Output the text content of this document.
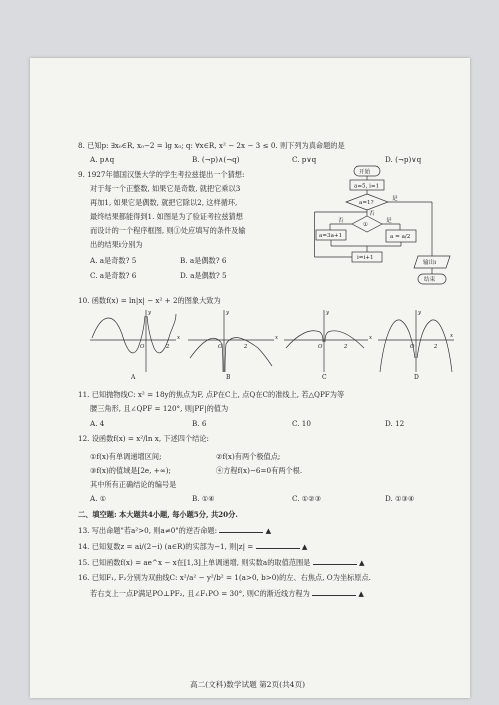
8. 已知p: ∃x₀∈R, x₀−2 = lg x₀; q: ∀x∈R, x² − 2x − 3 ≤ 0. 则下列为真命题的是
A. p∧q	B. (¬p)∧(¬q)	C. p∨q	D. (¬p)∨q
9. 1927年德国汉堡大学的学生考拉兹提出一个猜想:
对于每一个正整数, 如果它是奇数, 就把它乘以3
再加1, 如果它是偶数, 就把它除以2, 这样循环,
最终结果都能得到1. 如图是为了验证考拉兹猜想
而设计的一个程序框图, 则①处应填写的条件及输
出的结果i分别为
A. a是奇数? 5	B. a是偶数? 6
C. a是奇数? 6	D. a是偶数? 5
开始
a=5, i=1
a=1?
是
①
否	是
否
a=3a+1	a = a/2
i=i+1
输出i
结束
10. 函数f(x) = ln|x| − x² + 2的图象大致为
x
y
O	2
x
y
O	2
x
y
O	2
x
y
O	2
A	B	C	D
11. 已知抛物线C: x² = 18y的焦点为F, 点P在C上, 点Q在C的准线上, 若△QPF为等
腰三角形, 且∠QPF = 120°, 则|PF|的值为
A. 4	B. 6	C. 10	D. 12
12. 设函数f(x) = x²/ln x, 下述四个结论:
①f(x)有单调递增区间;	②f(x)有两个极值点;
③f(x)的值域是[2e, +∞);	④方程f(x)−6=0有两个根.
其中所有正确结论的编号是
A. ①	B. ①④	C. ①②③	D. ①③④
二、填空题: 本大题共4小题, 每小题5分, 共20分.
13. 写出命题"若a²>0, 则a≠0"的逆否命题:	▲
14. 已知复数z = ai/(2−i) (a∈R)的实部为−1, 则|z| =	▲
15. 已知函数f(x) = ae^x − x在[1,3]上单调递增, 则实数a的取值范围是	▲
16. 已知F₁, F₂分别为双曲线C: x²/a² − y²/b² = 1(a>0, b>0)的左、右焦点, O为坐标原点.
若右支上一点P满足PO⊥PF₂, 且∠F₁PO = 30°, 则C的渐近线方程为	▲
高二(文科)数学试题 第2页(共4页)
